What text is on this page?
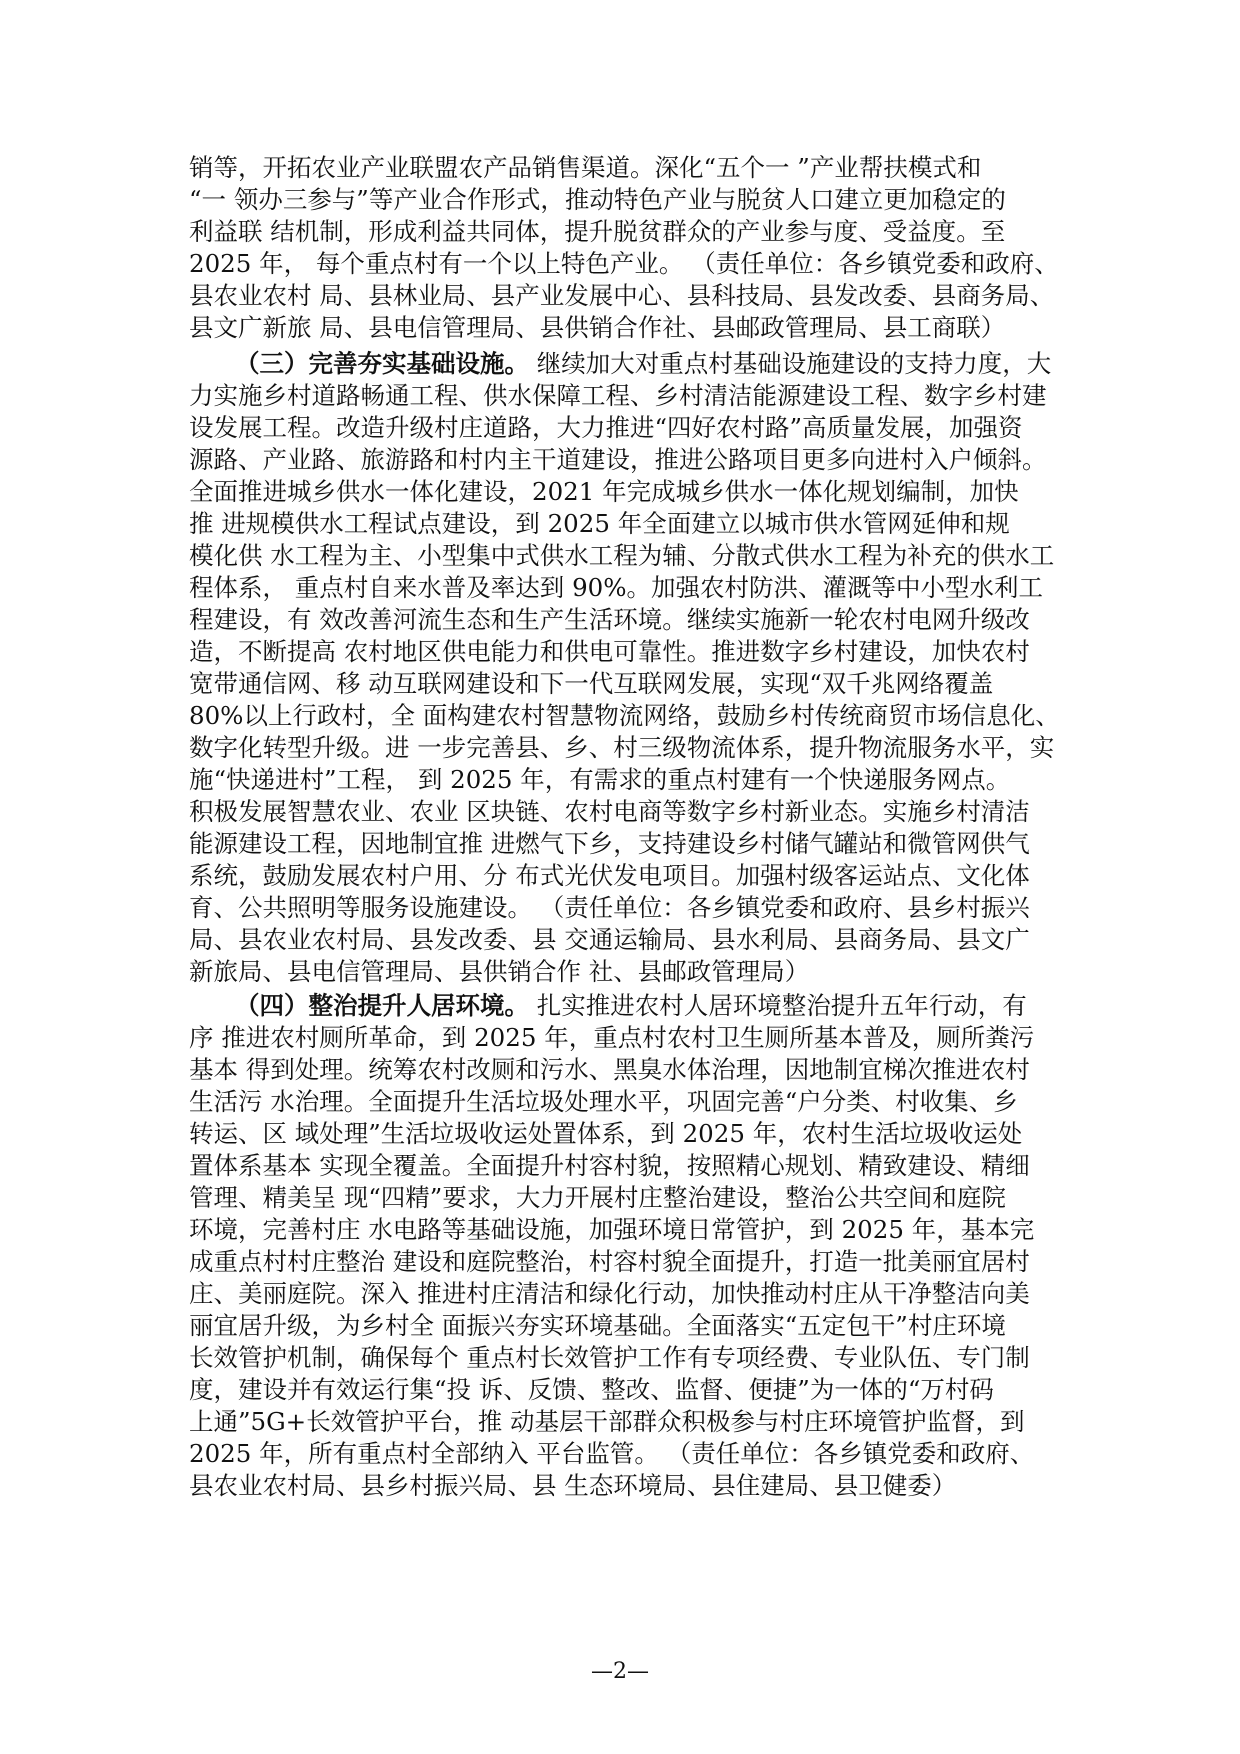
销等，开拓农业产业联盟农产品销售渠道。深化“五个一 ”产业帮扶模式和
“一 领办三参与”等产业合作形式，推动特色产业与脱贫人口建立更加稳定的
利益联 结机制，形成利益共同体，提升脱贫群众的产业参与度、受益度。至
2025 年， 每个重点村有一个以上特色产业。 （责任单位：各乡镇党委和政府、
县农业农村 局、县林业局、县产业发展中心、县科技局、县发改委、县商务局、
县文广新旅 局、县电信管理局、县供销合作社、县邮政管理局、县工商联）
（三）完善夯实基础设施。 继续加大对重点村基础设施建设的支持力度，大
力实施乡村道路畅通工程、供水保障工程、乡村清洁能源建设工程、数字乡村建
设发展工程。改造升级村庄道路，大力推进“四好农村路”高质量发展，加强资
源路、产业路、旅游路和村内主干道建设，推进公路项目更多向进村入户倾斜。
全面推进城乡供水一体化建设，2021 年完成城乡供水一体化规划编制，加快
推 进规模供水工程试点建设，到 2025 年全面建立以城市供水管网延伸和规
模化供 水工程为主、小型集中式供水工程为辅、分散式供水工程为补充的供水工
程体系， 重点村自来水普及率达到 90%。加强农村防洪、灌溉等中小型水利工
程建设，有 效改善河流生态和生产生活环境。继续实施新一轮农村电网升级改
造，不断提高 农村地区供电能力和供电可靠性。推进数字乡村建设，加快农村
宽带通信网、移 动互联网建设和下一代互联网发展，实现“双千兆网络覆盖
80%以上行政村，全 面构建农村智慧物流网络，鼓励乡村传统商贸市场信息化、
数字化转型升级。进 一步完善县、乡、村三级物流体系，提升物流服务水平，实
施“快递进村”工程， 到 2025 年，有需求的重点村建有一个快递服务网点。
积极发展智慧农业、农业 区块链、农村电商等数字乡村新业态。实施乡村清洁
能源建设工程，因地制宜推 进燃气下乡，支持建设乡村储气罐站和微管网供气
系统，鼓励发展农村户用、分 布式光伏发电项目。加强村级客运站点、文化体
育、公共照明等服务设施建设。 （责任单位：各乡镇党委和政府、县乡村振兴
局、县农业农村局、县发改委、县 交通运输局、县水利局、县商务局、县文广
新旅局、县电信管理局、县供销合作 社、县邮政管理局）
（四）整治提升人居环境。 扎实推进农村人居环境整治提升五年行动，有
序 推进农村厕所革命，到 2025 年，重点村农村卫生厕所基本普及，厕所粪污
基本 得到处理。统筹农村改厕和污水、黑臭水体治理，因地制宜梯次推进农村
生活污 水治理。全面提升生活垃圾处理水平，巩固完善“户分类、村收集、乡
转运、区 域处理”生活垃圾收运处置体系，到 2025 年，农村生活垃圾收运处
置体系基本 实现全覆盖。全面提升村容村貌，按照精心规划、精致建设、精细
管理、精美呈 现“四精”要求，大力开展村庄整治建设，整治公共空间和庭院
环境，完善村庄 水电路等基础设施，加强环境日常管护，到 2025 年，基本完
成重点村村庄整治 建设和庭院整治，村容村貌全面提升，打造一批美丽宜居村
庄、美丽庭院。深入 推进村庄清洁和绿化行动，加快推动村庄从干净整洁向美
丽宜居升级，为乡村全 面振兴夯实环境基础。全面落实“五定包干”村庄环境
长效管护机制，确保每个 重点村长效管护工作有专项经费、专业队伍、专门制
度，建设并有效运行集“投 诉、反馈、整改、监督、便捷”为一体的“万村码
上通”5G+长效管护平台，推 动基层干部群众积极参与村庄环境管护监督，到
2025 年，所有重点村全部纳入 平台监管。 （责任单位：各乡镇党委和政府、
县农业农村局、县乡村振兴局、县 生态环境局、县住建局、县卫健委）
—2—
